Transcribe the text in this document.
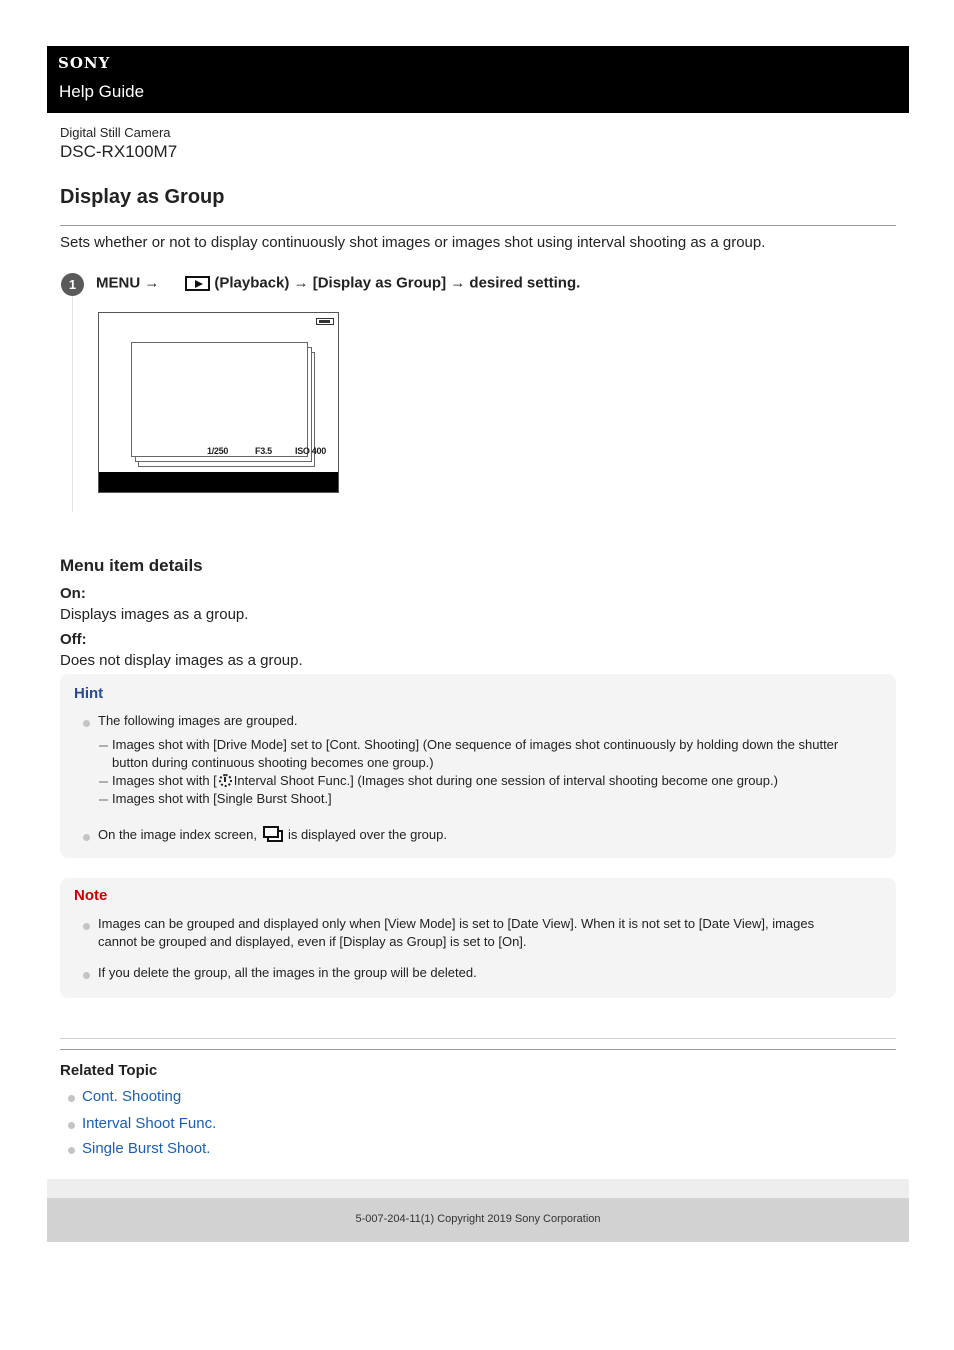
SONY
Help Guide
Digital Still Camera
DSC-RX100M7
Display as Group
Sets whether or not to display continuously shot images or images shot using interval shooting as a group.
1	MENU →	(Playback) → [Display as Group] → desired setting.
1/250	F3.5	ISO 400
Menu item details
On:
Displays images as a group.
Off:
Does not display images as a group.
Hint
The following images are grouped.
Images shot with [Drive Mode] set to [Cont. Shooting] (One sequence of images shot continuously by holding down the shutter
button during continuous shooting becomes one group.)
Images shot with [ Interval Shoot Func.] (Images shot during one session of interval shooting become one group.)
Images shot with [Single Burst Shoot.]
On the image index screen, is displayed over the group.
Note
Images can be grouped and displayed only when [View Mode] is set to [Date View]. When it is not set to [Date View], images
cannot be grouped and displayed, even if [Display as Group] is set to [On].
If you delete the group, all the images in the group will be deleted.
Related Topic
Cont. Shooting
Interval Shoot Func.
Single Burst Shoot.
5-007-204-11(1) Copyright 2019 Sony Corporation
